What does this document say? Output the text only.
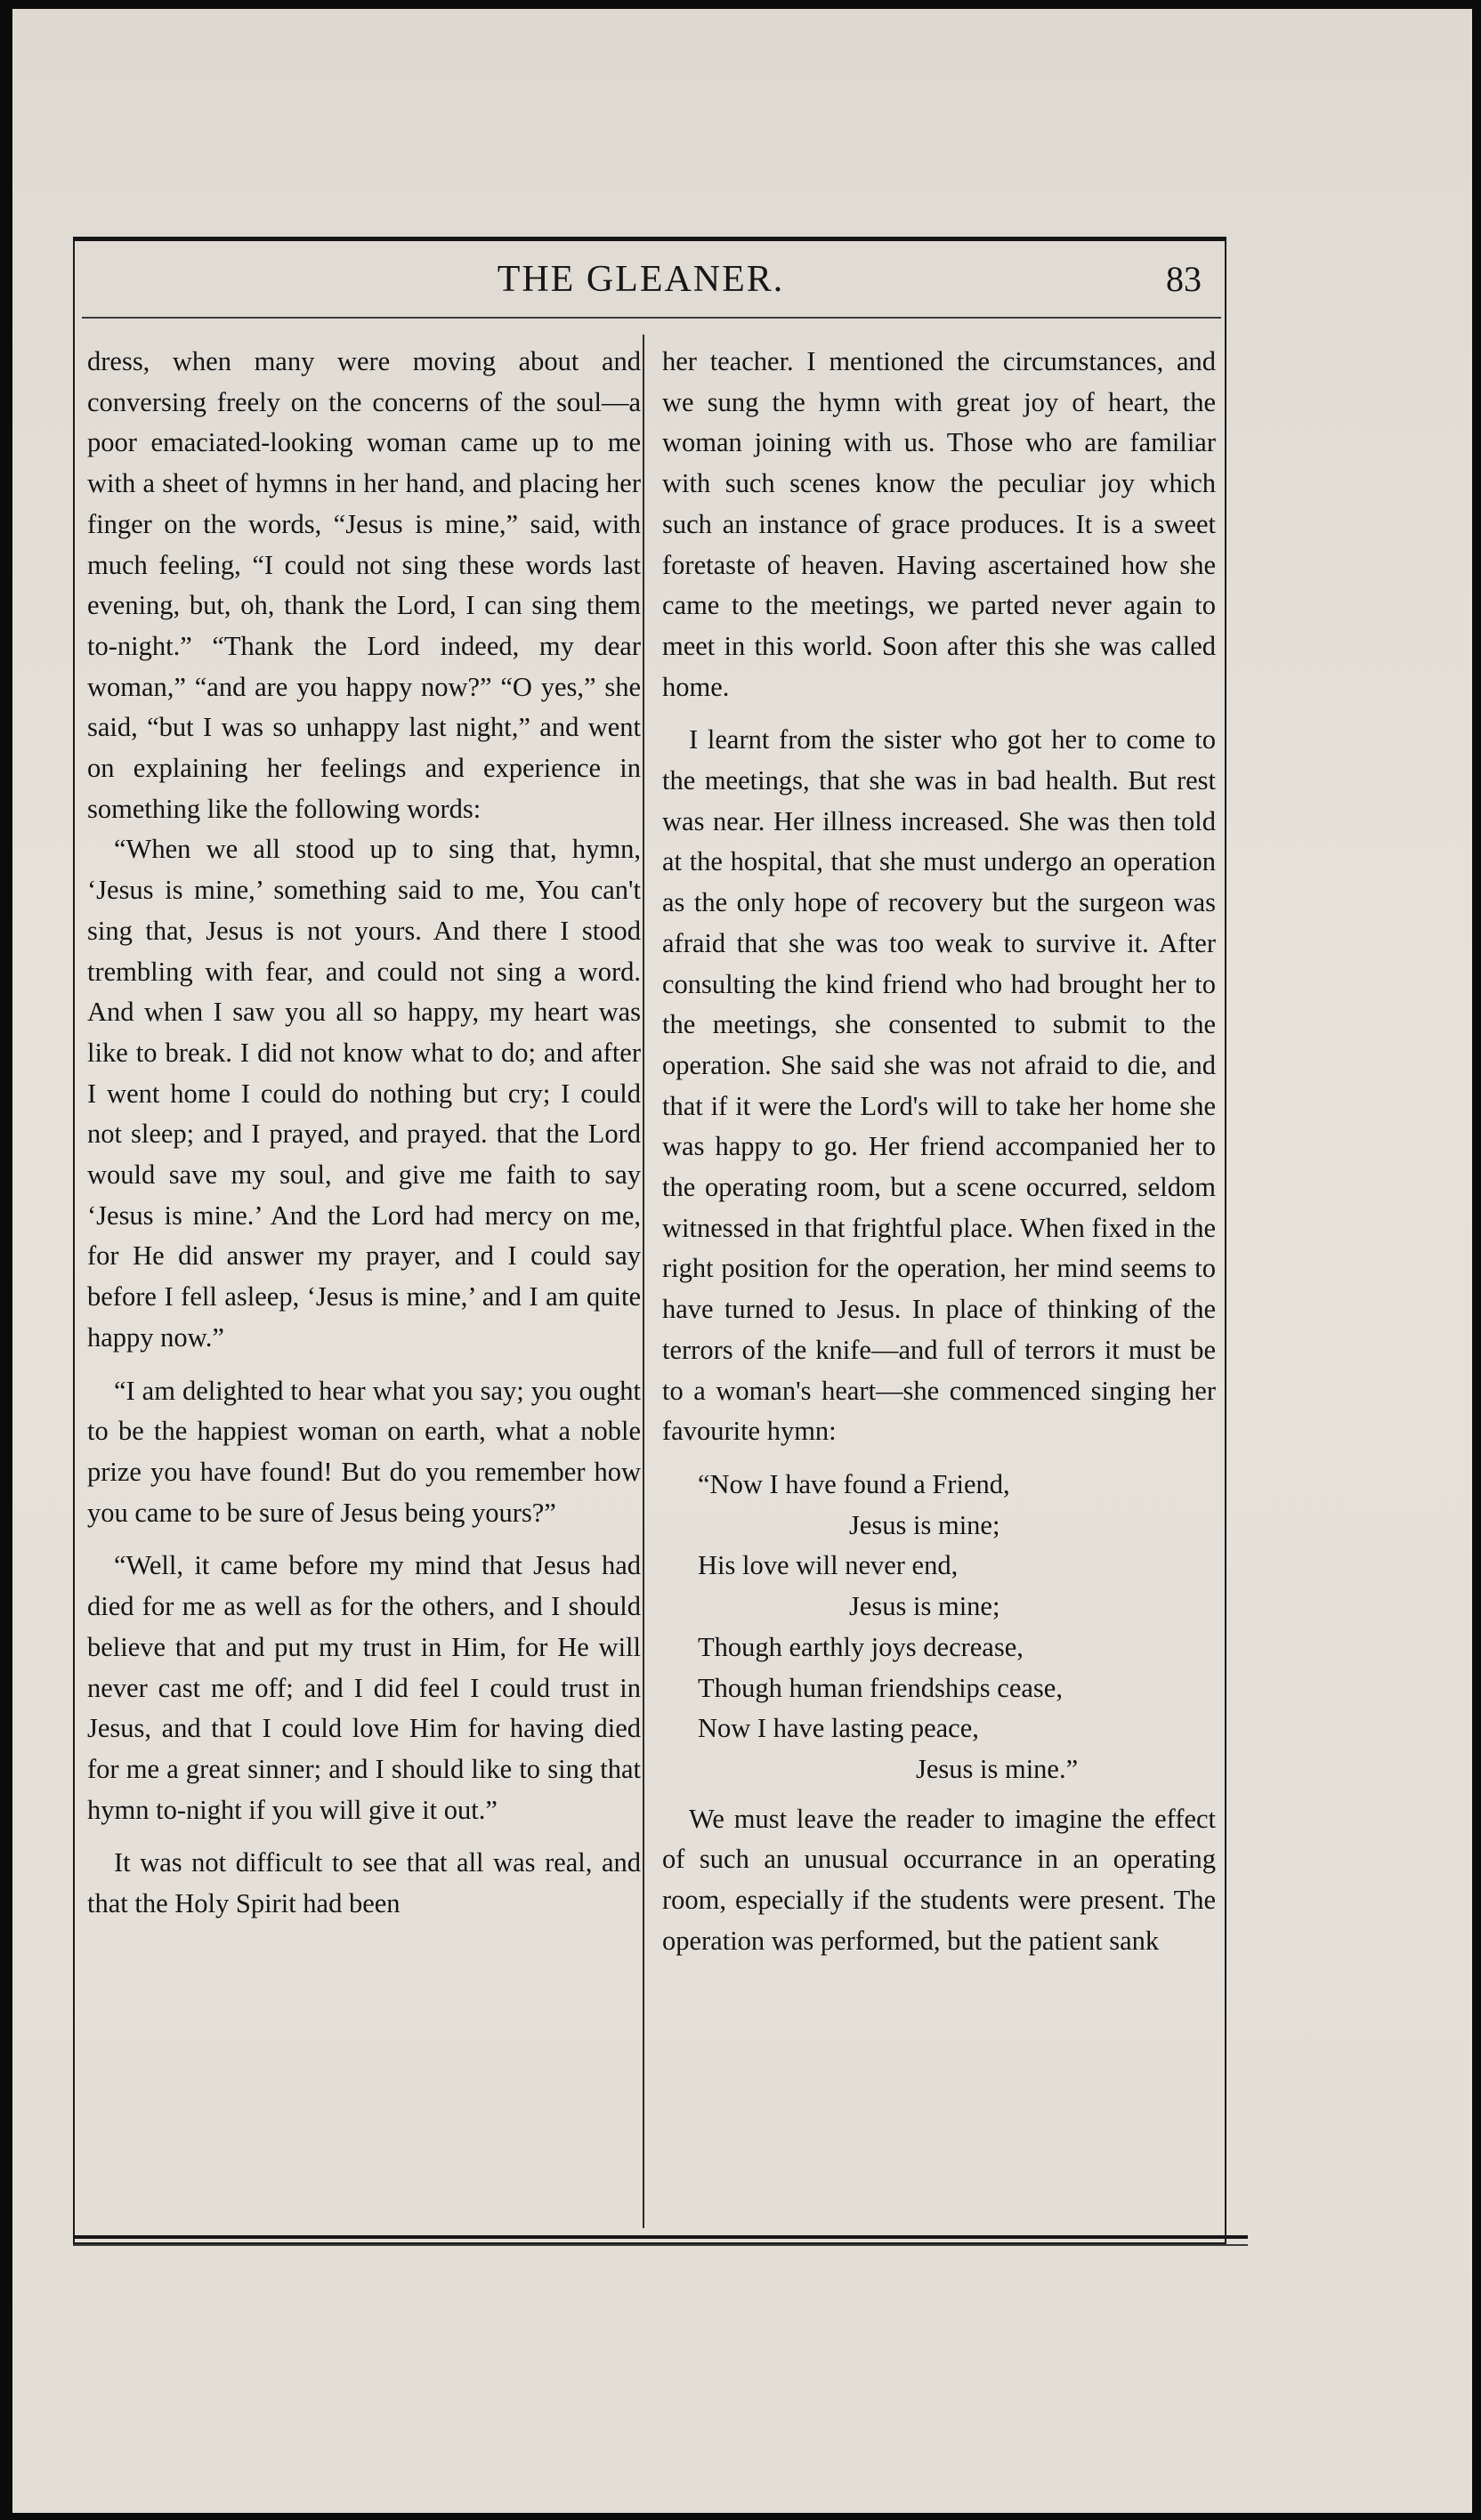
THE GLEANER.	83

dress, when many were moving about and conversing freely on the concerns of the soul—a poor emaciated-looking woman came up to me with a sheet of hymns in her hand, and placing her finger on the words, “Jesus is mine,” said, with much feeling, “I could not sing these words last evening, but, oh, thank the Lord, I can sing them to-night.” “Thank the Lord indeed, my dear woman,” “and are you happy now?” “O yes,” she said, “but I was so unhappy last night,” and went on explaining her feelings and experience in something like the following words:

“When we all stood up to sing that, hymn, ‘Jesus is mine,’ something said to me, You can't sing that, Jesus is not yours. And there I stood trembling with fear, and could not sing a word. And when I saw you all so happy, my heart was like to break. I did not know what to do; and after I went home I could do nothing but cry; I could not sleep; and I prayed, and prayed. that the Lord would save my soul, and give me faith to say ‘Jesus is mine.’ And the Lord had mercy on me, for He did answer my prayer, and I could say before I fell asleep, ‘Jesus is mine,’ and I am quite happy now.”

“I am delighted to hear what you say; you ought to be the happiest woman on earth, what a noble prize you have found! But do you remember how you came to be sure of Jesus being yours?”

“Well, it came before my mind that Jesus had died for me as well as for the others, and I should believe that and put my trust in Him, for He will never cast me off; and I did feel I could trust in Jesus, and that I could love Him for having died for me a great sinner; and I should like to sing that hymn to-night if you will give it out.”

It was not difficult to see that all was real, and that the Holy Spirit had been

her teacher. I mentioned the circumstances, and we sung the hymn with great joy of heart, the woman joining with us. Those who are familiar with such scenes know the peculiar joy which such an instance of grace produces. It is a sweet foretaste of heaven. Having ascertained how she came to the meetings, we parted never again to meet in this world. Soon after this she was called home.

I learnt from the sister who got her to come to the meetings, that she was in bad health. But rest was near. Her illness increased. She was then told at the hospital, that she must undergo an operation as the only hope of recovery but the surgeon was afraid that she was too weak to survive it. After consulting the kind friend who had brought her to the meetings, she consented to submit to the operation. She said she was not afraid to die, and that if it were the Lord's will to take her home she was happy to go. Her friend accompanied her to the operating room, but a scene occurred, seldom witnessed in that frightful place. When fixed in the right position for the operation, her mind seems to have turned to Jesus. In place of thinking of the terrors of the knife—and full of terrors it must be to a woman's heart—she commenced singing her favourite hymn:

“Now I have found a Friend,
Jesus is mine;
His love will never end,
Jesus is mine;
Though earthly joys decrease,
Though human friendships cease,
Now I have lasting peace,
Jesus is mine.”

We must leave the reader to imagine the effect of such an unusual occurrance in an operating room, especially if the students were present. The operation was performed, but the patient sank
